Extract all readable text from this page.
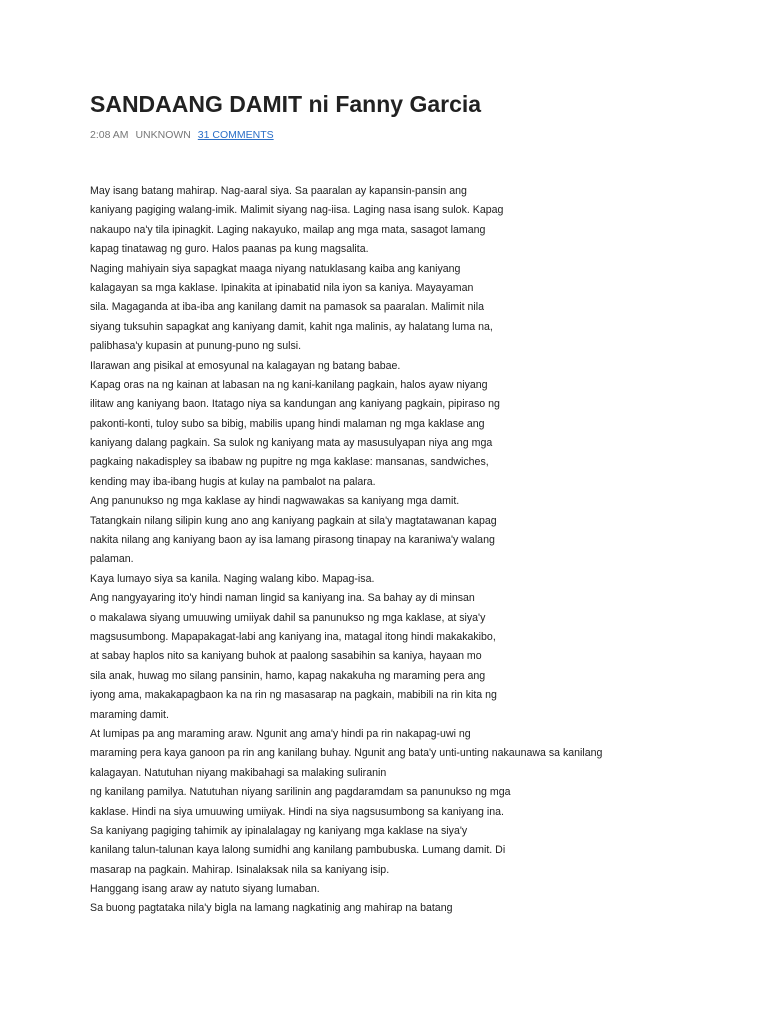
SANDAANG DAMIT ni Fanny Garcia
2:08 AM UNKNOWN 31 COMMENTS
May isang batang mahirap. Nag-aaral siya. Sa paaralan ay kapansin-pansin ang
kaniyang pagiging walang-imik. Malimit siyang nag-iisa. Laging nasa isang sulok. Kapag
nakaupo na'y tila ipinagkit. Laging nakayuko, mailap ang mga mata, sasagot lamang
kapag tinatawag ng guro. Halos paanas pa kung magsalita.
Naging mahiyain siya sapagkat maaga niyang natuklasang kaiba ang kaniyang
kalagayan sa mga kaklase. Ipinakita at ipinabatid nila iyon sa kaniya. Mayayaman
sila. Magaganda at iba-iba ang kanilang damit na pamasok sa paaralan. Malimit nila
siyang tuksuhin sapagkat ang kaniyang damit, kahit nga malinis, ay halatang luma na,
palibhasa'y kupasin at punung-puno ng sulsi.
Ilarawan ang pisikal at emosyunal na kalagayan ng batang babae.
Kapag oras na ng kainan at labasan na ng kani-kanilang pagkain, halos ayaw niyang
ilitaw ang kaniyang baon. Itatago niya sa kandungan ang kaniyang pagkain, pipiraso ng
pakonti-konti, tuloy subo sa bibig, mabilis upang hindi malaman ng mga kaklase ang
kaniyang dalang pagkain. Sa sulok ng kaniyang mata ay masusulyapan niya ang mga
pagkaing nakadispley sa ibabaw ng pupitre ng mga kaklase: mansanas, sandwiches,
kending may iba-ibang hugis at kulay na pambalot na palara.
Ang panunukso ng mga kaklase ay hindi nagwawakas sa kaniyang mga damit.
Tatangkain nilang silipin kung ano ang kaniyang pagkain at sila'y magtatawanan kapag
nakita nilang ang kaniyang baon ay isa lamang pirasong tinapay na karaniwa'y walang
palaman.
Kaya lumayo siya sa kanila. Naging walang kibo. Mapag-isa.
Ang nangyayaring ito'y hindi naman lingid sa kaniyang ina. Sa bahay ay di minsan
o makalawa siyang umuuwing umiiyak dahil sa panunukso ng mga kaklase, at siya'y
magsusumbong. Mapapakagat-labi ang kaniyang ina, matagal itong hindi makakakibo,
at sabay haplos nito sa kaniyang buhok at paalong sasabihin sa kaniya, hayaan mo
sila anak, huwag mo silang pansinin, hamo, kapag nakakuha ng maraming pera ang
iyong ama, makakapagbaon ka na rin ng masasarap na pagkain, mabibili na rin kita ng
maraming damit.
At lumipas pa ang maraming araw. Ngunit ang ama'y hindi pa rin nakapag-uwi ng
maraming pera kaya ganoon pa rin ang kanilang buhay. Ngunit ang bata'y unti-unting nakaunawa sa kanilang
kalagayan. Natutuhan niyang makibahagi sa malaking suliranin
ng kanilang pamilya. Natutuhan niyang sarilinin ang pagdaramdam sa panunukso ng mga
kaklase. Hindi na siya umuuwing umiiyak. Hindi na siya nagsusumbong sa kaniyang ina.
Sa kaniyang pagiging tahimik ay ipinalalagay ng kaniyang mga kaklase na siya'y
kanilang talun-talunan kaya lalong sumidhi ang kanilang pambubuska. Lumang damit. Di
masarap na pagkain. Mahirap. Isinalaksak nila sa kaniyang isip.
Hanggang isang araw ay natuto siyang lumaban.
Sa buong pagtataka nila'y bigla na lamang nagkatinig ang mahirap na batang
